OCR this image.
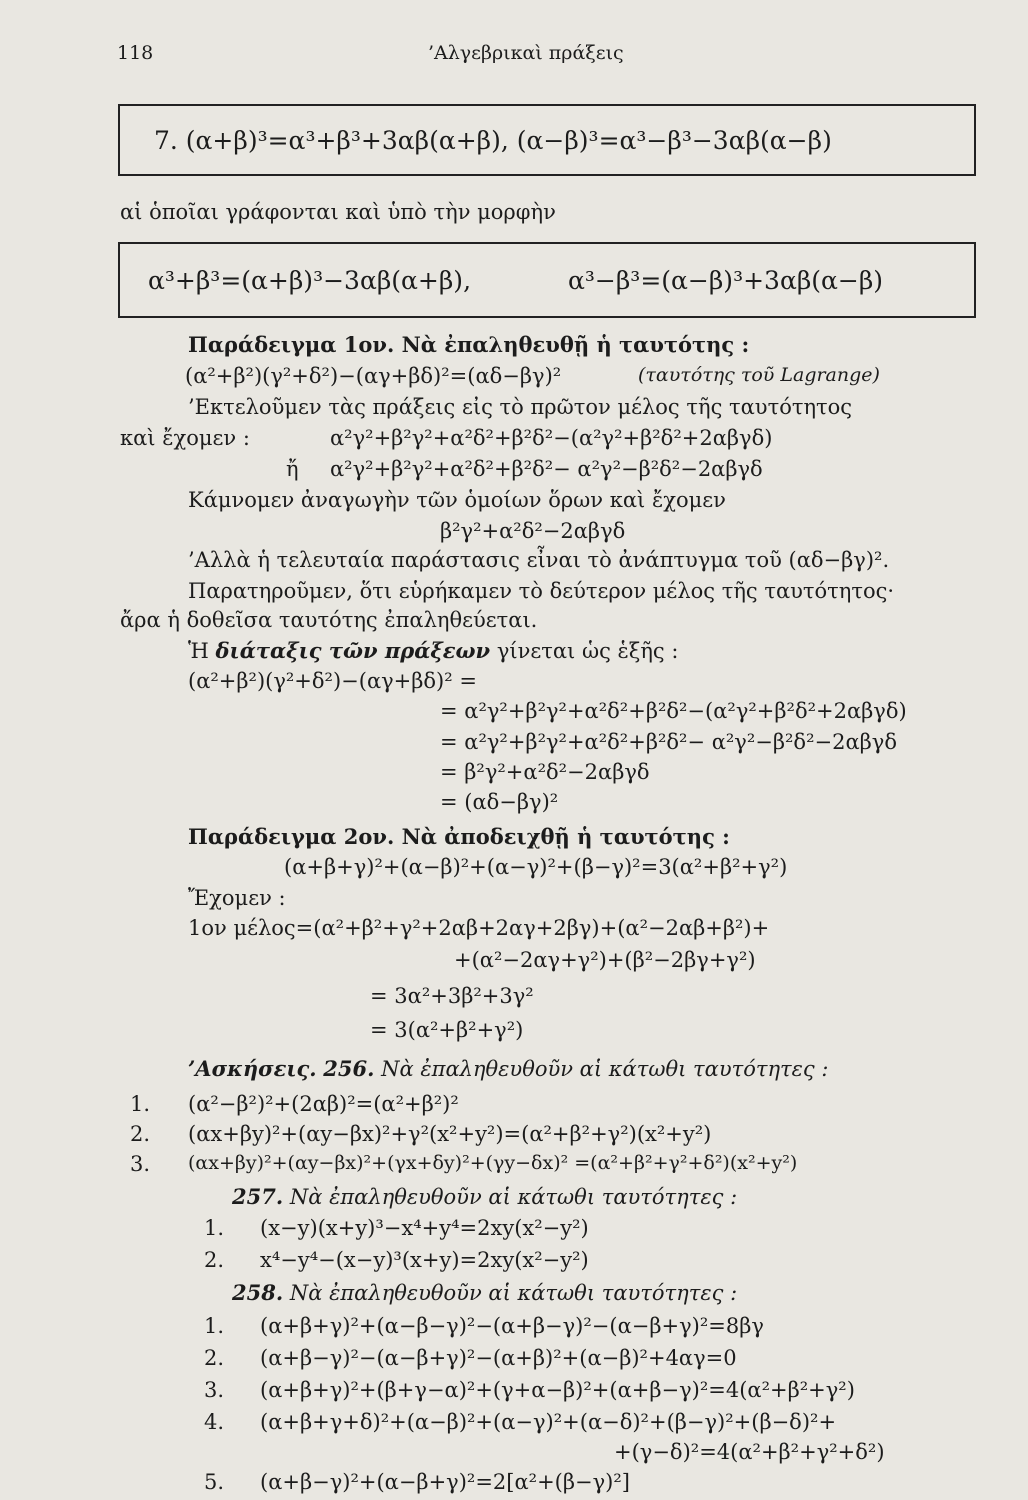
118	’Αλγεβρικαὶ πράξεις
7. (α+β)³=α³+β³+3αβ(α+β), (α−β)³=α³−β³−3αβ(α−β)
αἱ ὁποῖαι γράφονται καὶ ὑπὸ τὴν μορφὴν
α³+β³=(α+β)³−3αβ(α+β),	α³−β³=(α−β)³+3αβ(α−β)
Παράδειγμα 1ον. Νὰ ἐπαληθευθῇ ἡ ταυτότης :
(α²+β²)(γ²+δ²)−(αγ+βδ)²=(αδ−βγ)²	(ταυτότης τοῦ Lagrange)
’Εκτελοῦμεν τὰς πράξεις εἰς τὸ πρῶτον μέλος τῆς ταυτότητος
καὶ ἔχομεν :	α²γ²+β²γ²+α²δ²+β²δ²−(α²γ²+β²δ²+2αβγδ)
ἤ α²γ²+β²γ²+α²δ²+β²δ²− α²γ²−β²δ²−2αβγδ
Κάμνομεν ἀναγωγὴν τῶν ὁμοίων ὅρων καὶ ἔχομεν
β²γ²+α²δ²−2αβγδ
’Αλλὰ ἡ τελευταία παράστασις εἶναι τὸ ἀνάπτυγμα τοῦ (αδ−βγ)².
Παρατηροῦμεν, ὅτι εὑρήκαμεν τὸ δεύτερον μέλος τῆς ταυτότητος·
ἄρα ἡ δοθεῖσα ταυτότης ἐπαληθεύεται.
Ἡ διάταξις τῶν πράξεων γίνεται ὡς ἑξῆς :
(α²+β²)(γ²+δ²)−(αγ+βδ)² =
= α²γ²+β²γ²+α²δ²+β²δ²−(α²γ²+β²δ²+2αβγδ)
= α²γ²+β²γ²+α²δ²+β²δ²− α²γ²−β²δ²−2αβγδ
= β²γ²+α²δ²−2αβγδ
= (αδ−βγ)²
Παράδειγμα 2ον. Νὰ ἀποδειχθῇ ἡ ταυτότης :
(α+β+γ)²+(α−β)²+(α−γ)²+(β−γ)²=3(α²+β²+γ²)
Ἔχομεν :
1ον μέλος=(α²+β²+γ²+2αβ+2αγ+2βγ)+(α²−2αβ+β²)+
+(α²−2αγ+γ²)+(β²−2βγ+γ²)
= 3α²+3β²+3γ²
= 3(α²+β²+γ²)
’Ασκήσεις. 256. Νὰ ἐπαληθευθοῦν αἱ κάτωθι ταυτότητες :
1. (α²−β²)²+(2αβ)²=(α²+β²)²
2. (αx+βy)²+(αy−βx)²+γ²(x²+y²)=(α²+β²+γ²)(x²+y²)
3. (αx+βy)²+(αy−βx)²+(γx+δy)²+(γy−δx)² =(α²+β²+γ²+δ²)(x²+y²)
257. Νὰ ἐπαληθευθοῦν αἱ κάτωθι ταυτότητες :
1. (x−y)(x+y)³−x⁴+y⁴=2xy(x²−y²)
2. x⁴−y⁴−(x−y)³(x+y)=2xy(x²−y²)
258. Νὰ ἐπαληθευθοῦν αἱ κάτωθι ταυτότητες :
1. (α+β+γ)²+(α−β−γ)²−(α+β−γ)²−(α−β+γ)²=8βγ
2. (α+β−γ)²−(α−β+γ)²−(α+β)²+(α−β)²+4αγ=0
3. (α+β+γ)²+(β+γ−α)²+(γ+α−β)²+(α+β−γ)²=4(α²+β²+γ²)
4. (α+β+γ+δ)²+(α−β)²+(α−γ)²+(α−δ)²+(β−γ)²+(β−δ)²+
+(γ−δ)²=4(α²+β²+γ²+δ²)
5. (α+β−γ)²+(α−β+γ)²=2[α²+(β−γ)²]
